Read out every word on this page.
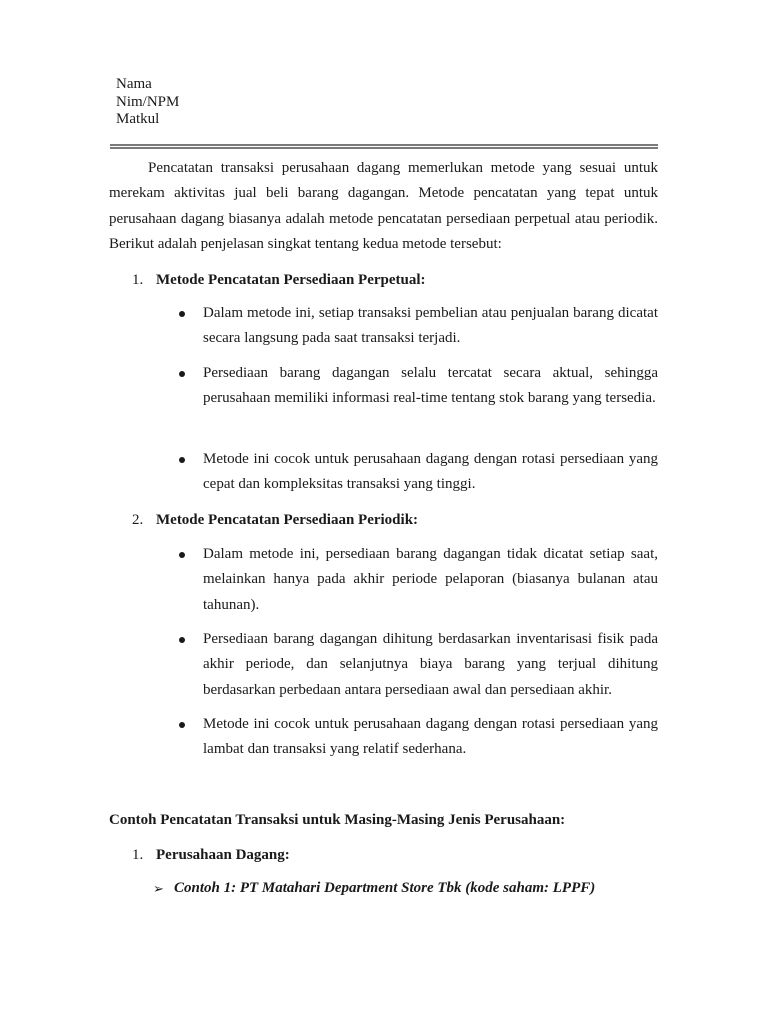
Nama
Nim/NPM
Matkul

Pencatatan transaksi perusahaan dagang memerlukan metode yang sesuai untuk merekam aktivitas jual beli barang dagangan. Metode pencatatan yang tepat untuk perusahaan dagang biasanya adalah metode pencatatan persediaan perpetual atau periodik. Berikut adalah penjelasan singkat tentang kedua metode tersebut:

1. Metode Pencatatan Persediaan Perpetual:

Dalam metode ini, setiap transaksi pembelian atau penjualan barang dicatat secara langsung pada saat transaksi terjadi.

Persediaan barang dagangan selalu tercatat secara aktual, sehingga perusahaan memiliki informasi real-time tentang stok barang yang tersedia.

Metode ini cocok untuk perusahaan dagang dengan rotasi persediaan yang cepat dan kompleksitas transaksi yang tinggi.

2. Metode Pencatatan Persediaan Periodik:

Dalam metode ini, persediaan barang dagangan tidak dicatat setiap saat, melainkan hanya pada akhir periode pelaporan (biasanya bulanan atau tahunan).

Persediaan barang dagangan dihitung berdasarkan inventarisasi fisik pada akhir periode, dan selanjutnya biaya barang yang terjual dihitung berdasarkan perbedaan antara persediaan awal dan persediaan akhir.

Metode ini cocok untuk perusahaan dagang dengan rotasi persediaan yang lambat dan transaksi yang relatif sederhana.

Contoh Pencatatan Transaksi untuk Masing-Masing Jenis Perusahaan:
1. Perusahaan Dagang:
➢ Contoh 1: PT Matahari Department Store Tbk (kode saham: LPPF)
